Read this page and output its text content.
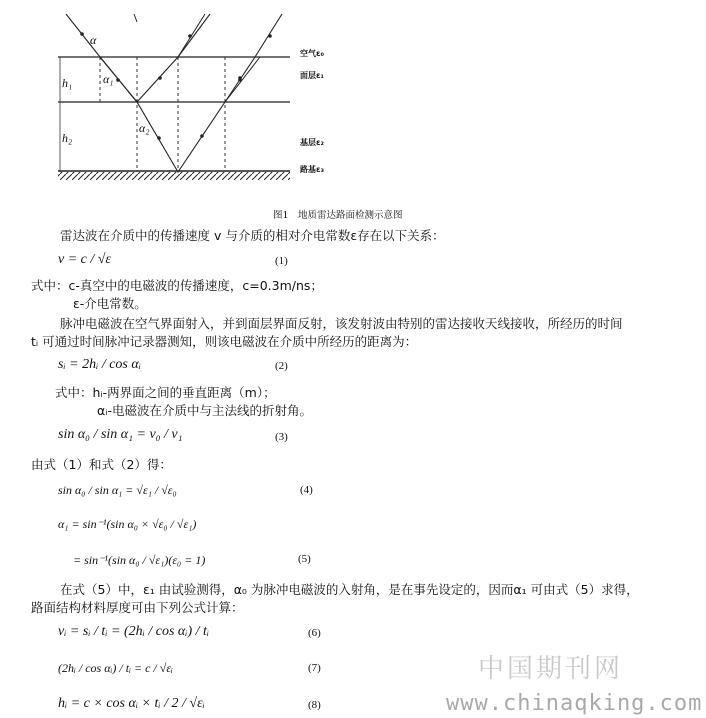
α
α₁
α₂
h₁
h₂
空气ε₀
面层ε₁
基层ε₂
路基ε₃
图1　地质雷达路面检测示意图
雷达波在介质中的传播速度 v 与介质的相对介电常数ε存在以下关系：
v = c / √ε	(1)
式中：c-真空中的电磁波的传播速度，c=0.3m/ns；
ε-介电常数。
脉冲电磁波在空气界面射入，并到面层界面反射，该发射波由特别的雷达接收天线接收，所经历的时间
tᵢ 可通过时间脉冲记录器测知，则该电磁波在介质中所经历的距离为：
sᵢ = 2hᵢ / cos αᵢ	(2)
式中：hᵢ-两界面之间的垂直距离（m）；
αᵢ-电磁波在介质中与主法线的折射角。
sin α₀ / sin α₁ = v₀ / v₁	(3)
由式（1）和式（2）得：
sin α₀ / sin α₁ = √ε₁ / √ε₀	(4)
α₁ = sin⁻¹(sin α₀ × √ε₀ / √ε₁)
= sin⁻¹(sin α₀ / √ε₁)(ε₀ = 1)	(5)
在式（5）中，ε₁ 由试验测得，α₀ 为脉冲电磁波的入射角，是在事先设定的，因而α₁ 可由式（5）求得，
路面结构材料厚度可由下列公式计算：
vᵢ = sᵢ / tᵢ = (2hᵢ / cos αᵢ) / tᵢ	(6)
(2hᵢ / cos αᵢ) / tᵢ = c / √εᵢ	(7)
hᵢ = c × cos αᵢ × tᵢ / 2 / √εᵢ	(8)
中国期刊网
www.chinaqking.com
